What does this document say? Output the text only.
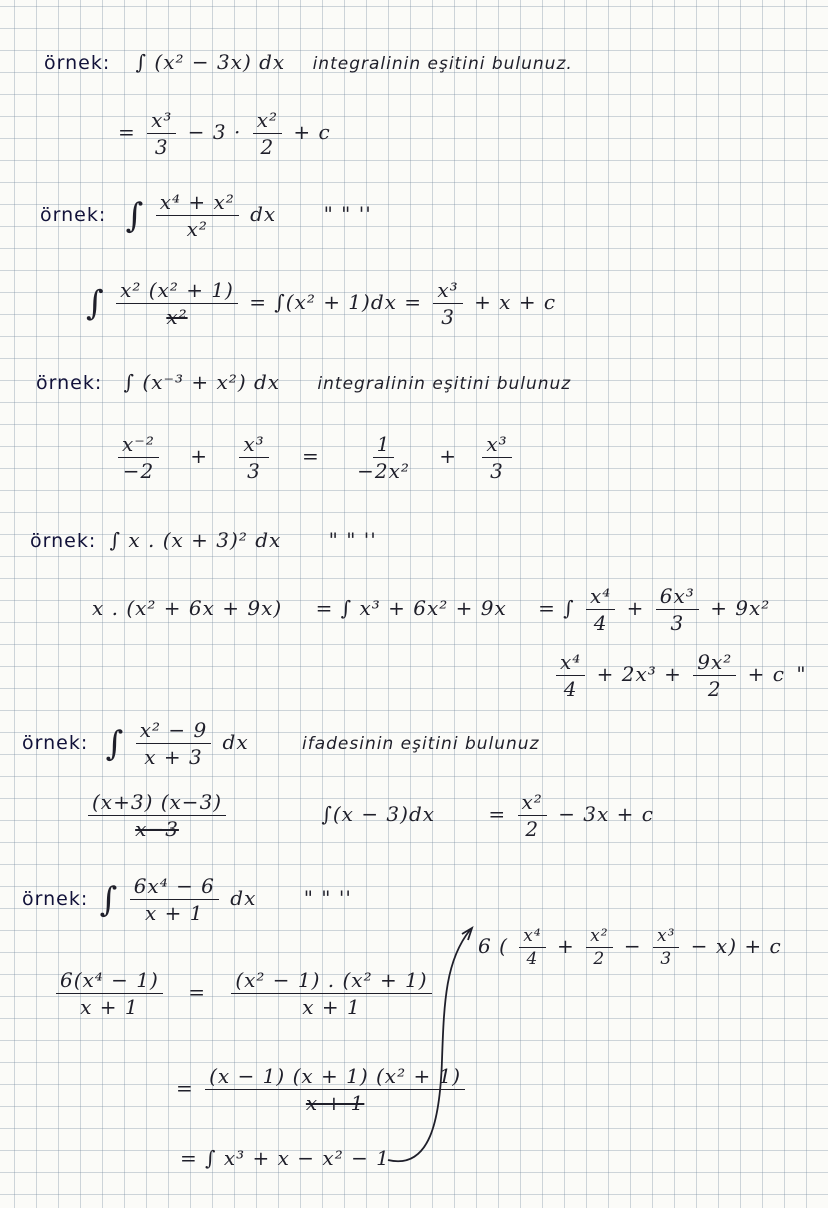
örnek: ∫ (x² − 3x) dx integralinin eşitini bulunuz.
= $\frac{\text{x³}}{3} - 3 \cdot \frac{\text{x²}}{2} + c$
örnek: ∫ $\frac{\text{x⁴ + x²}}{\text{x²}}$ dx " " ''
∫ $\frac{\text{x² (x² + 1)}}{\text{x²}} = \int(x^2 + 1)dx = \frac{\text{x³}}{3} + x + c$
örnek: ∫ (x⁻³ + x²) dx integralinin eşitini bulunuz
$\frac{\text{x⁻²}}{-2} + \frac{\text{x³}}{3} = \frac{1}{\text{−2x²}} + \frac{\text{x³}}{3}$
örnek: ∫ x . (x + 3)² dx " " ''
x . (x² + 6x + 9x) = ∫ x³ + 6x² + 9x = ∫ $\frac{\text{x⁴}}{4} + \frac{\text{6x³}}{3} + 9x^2$
$\frac{\text{x⁴}}{4} + 2x^3 + \frac{\text{9x²}}{2} + c$ "
örnek: ∫ $\frac{\text{x² − 9}}{x + 3}$ dx	ifadesinin eşitini bulunuz
$\frac{(x+3) (x-3)}{x-3}$	∫(x − 3)dx	= $\frac{\text{x²}}{2} - 3x + c$
örnek: ∫ $\frac{\text{6x⁴ − 6}}{x + 1}$ dx " " ''
6 ( $\frac{\text{x⁴}}{4} + \frac{\text{x²}}{2} - \frac{\text{x³}}{3} - x) + c$
$\frac{\text{6(x⁴ − 1)}}{x + 1} = \frac{\text{(x² − 1) . (x² + 1)}}{x + 1}$
= $\frac{\text{(x − 1) (x + 1) (x² + 1)}}{x + 1}$
= ∫ x³ + x − x² − 1
